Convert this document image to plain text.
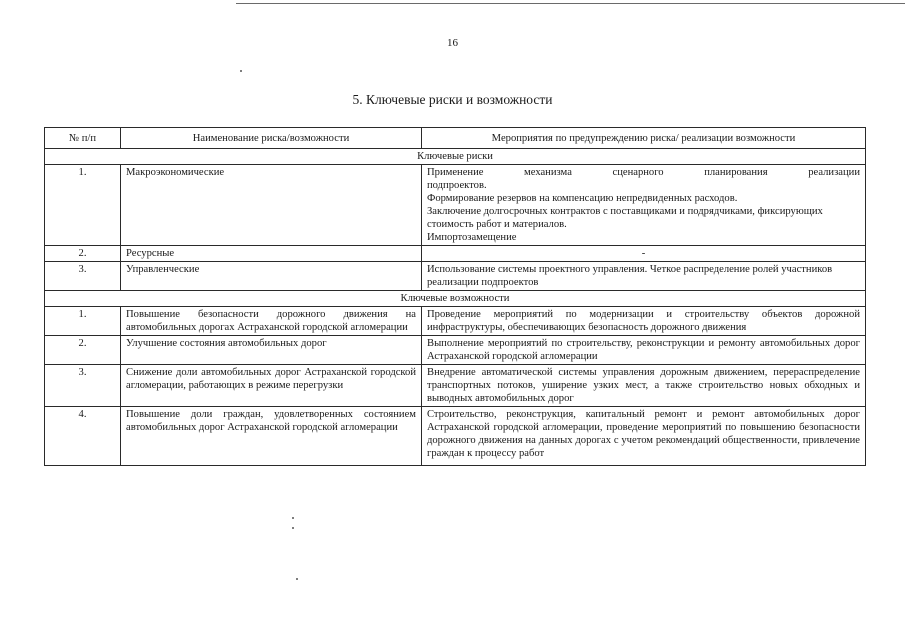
16
5. Ключевые риски и возможности
№ п/п	Наименование риска/возможности	Мероприятия по предупреждению риска/ реализации возможности
Ключевые риски		
1.	Макроэкономические	Применение механизма сценарного планирования реализации
подпроектов.
Формирование резервов на компенсацию непредвиденных расходов.
Заключение долгосрочных контрактов с поставщиками и подрядчиками, фиксирующих стоимость работ и материалов.
Импортозамещение

2.	Ресурсные	-
3.	Управленческие	Использование системы проектного управления. Четкое распределение ролей участников реализации подпроектов
Ключевые возможности		
1.	Повышение безопасности дорожного движения на автомобильных дорогах Астраханской городской агломерации	Проведение мероприятий по модернизации и строительству объектов дорожной инфраструктуры, обеспечивающих безопасность дорожного движения
2.	Улучшение состояния автомобильных дорог	Выполнение мероприятий по строительству, реконструкции и ремонту автомобильных дорог Астраханской городской агломерации
3.	Снижение доли автомобильных дорог Астраханской городской агломерации, работающих в режиме перегрузки	Внедрение автоматической системы управления дорожным движением, перераспределение транспортных потоков, уширение узких мест, а также строительство новых обходных и выводных автомобильных дорог
4.	Повышение доли граждан, удовлетворенных состоянием автомобильных дорог Астраханской городской агломерации	Строительство, реконструкция, капитальный ремонт и ремонт автомобильных дорог Астраханской городской агломерации, проведение мероприятий по повышению безопасности дорожного движения на данных дорогах с учетом рекомендаций общественности, привлечение граждан к процессу работ
